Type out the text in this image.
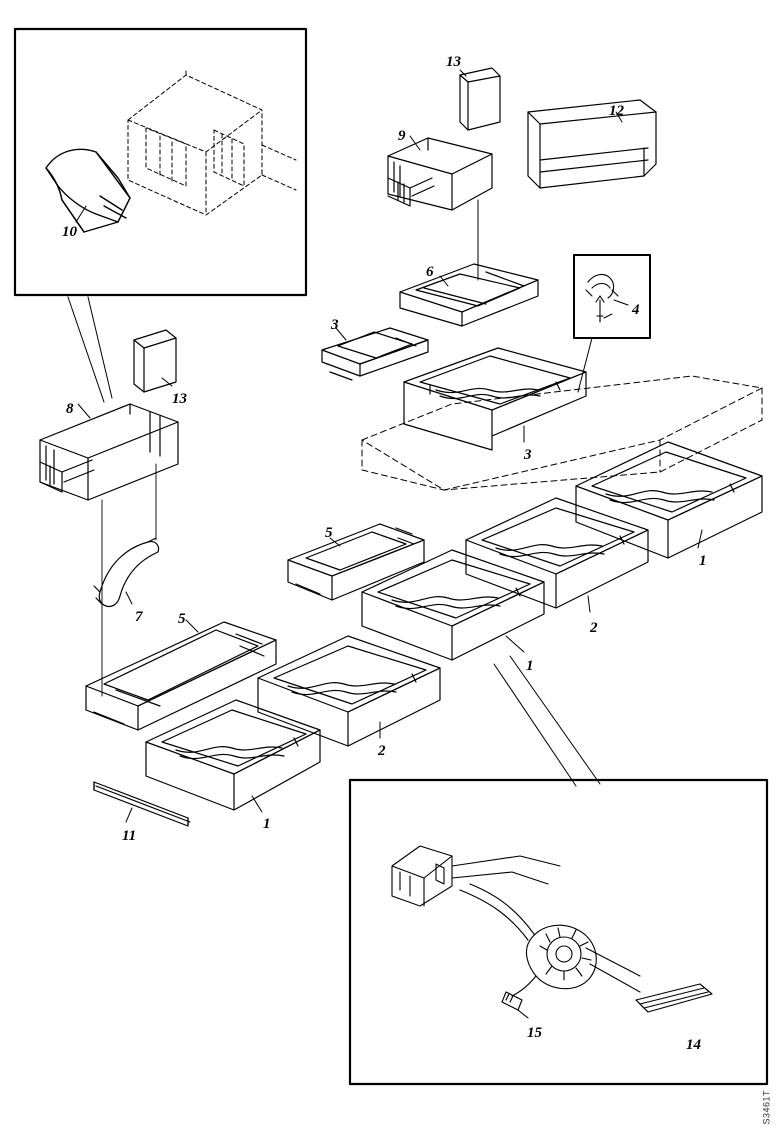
13
12
9
10
6
4
3
13
8
3
5
1
7
2
5
1
2
1
11
15
14
S3461T
